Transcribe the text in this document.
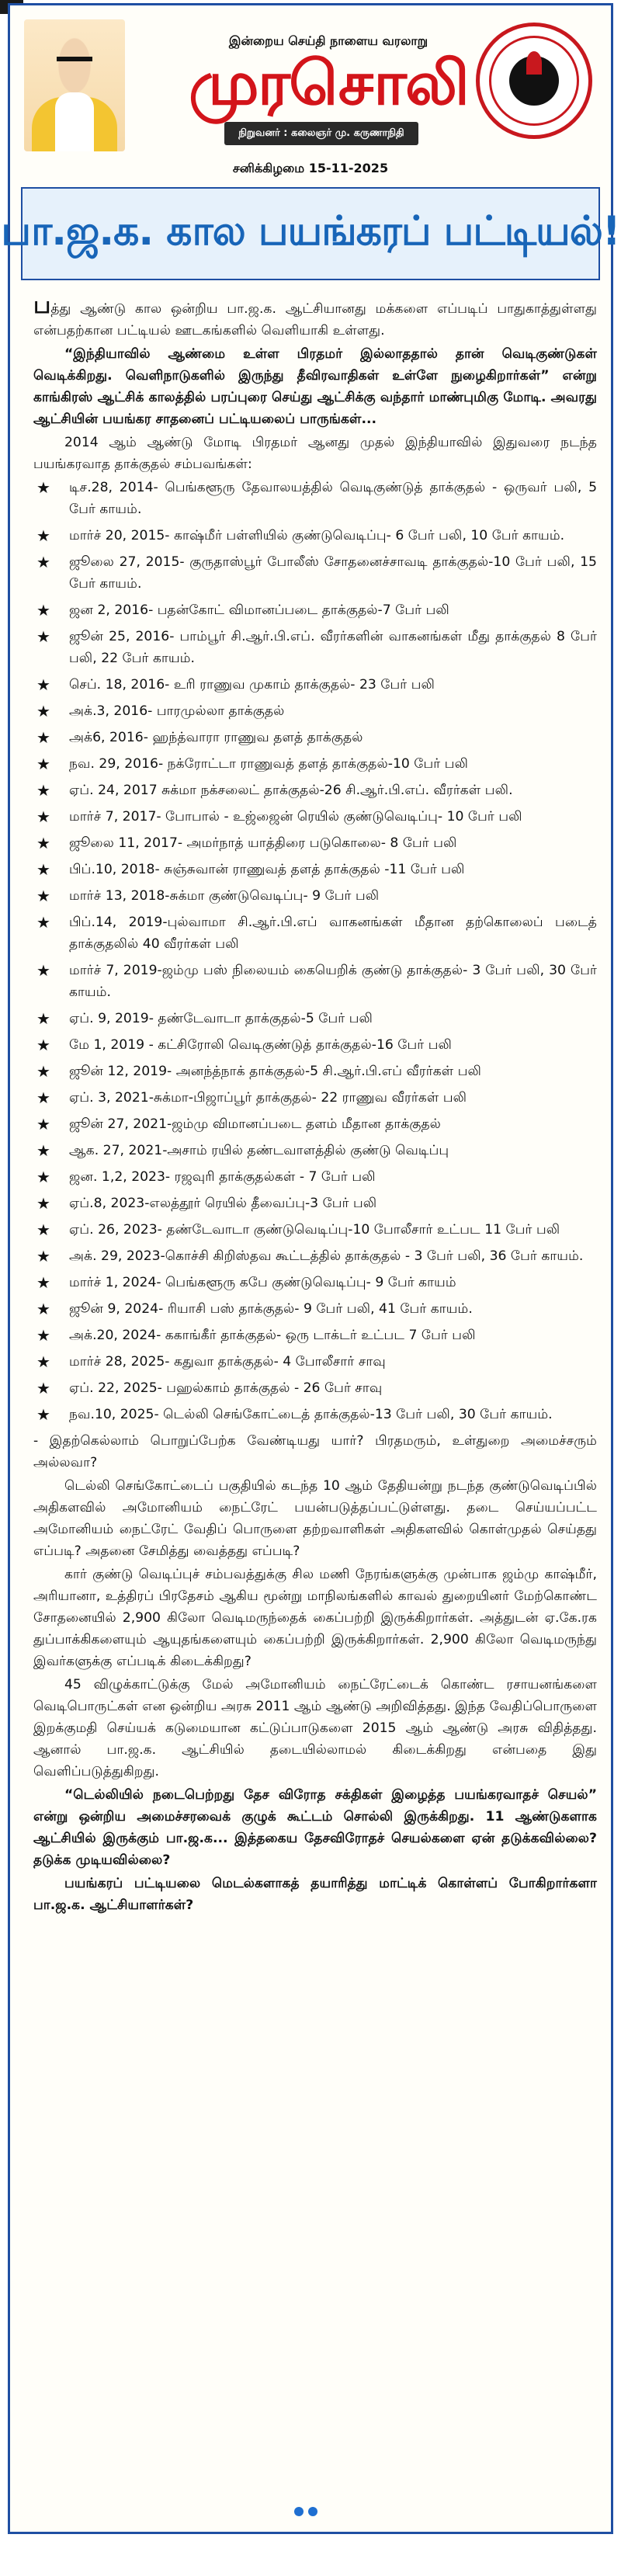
இன்றைய செய்தி நாளைய வரலாறு
முரசொலி
நிறுவனர் : கலைஞர் மு. கருணாநிதி
சனிக்கிழமை 15-11-2025
பா.ஜ.க. கால பயங்கரப் பட்டியல்!

பத்து ஆண்டு கால ஒன்றிய பா.ஜ.க. ஆட்சியானது மக்களை எப்படிப் பாதுகாத்துள்ளது என்பதற்கான பட்டியல் ஊடகங்களில் வெளியாகி உள்ளது.

“இந்தியாவில் ஆண்மை உள்ள பிரதமர் இல்லாததால் தான் வெடிகுண்டுகள் வெடிக்கிறது. வெளிநாடுகளில் இருந்து தீவிரவாதிகள் உள்ளே நுழைகிறார்கள்” என்று காங்கிரஸ் ஆட்சிக் காலத்தில் பரப்புரை செய்து ஆட்சிக்கு வந்தார் மாண்புமிகு மோடி. அவரது ஆட்சியின் பயங்கர சாதனைப் பட்டியலைப் பாருங்கள்...

2014 ஆம் ஆண்டு மோடி பிரதமர் ஆனது முதல் இந்தியாவில் இதுவரை நடந்த பயங்கரவாத தாக்குதல் சம்பவங்கள்:

★ டிச.28, 2014- பெங்களூரு தேவாலயத்தில் வெடிகுண்டுத் தாக்குதல் - ஒருவர் பலி, 5 பேர் காயம்.
★ மார்ச் 20, 2015- காஷ்மீர் பள்ளியில் குண்டுவெடிப்பு- 6 பேர் பலி, 10 பேர் காயம்.
★ ஜூலை 27, 2015- குருதாஸ்பூர் போலீஸ் சோதனைச்சாவடி தாக்குதல்-10 பேர் பலி, 15 பேர் காயம்.
★ ஜன 2, 2016- பதன்கோட் விமானப்படை தாக்குதல்-7 பேர் பலி
★ ஜூன் 25, 2016- பாம்பூர் சி.ஆர்.பி.எப். வீரர்களின் வாகனங்கள் மீது தாக்குதல் 8 பேர் பலி, 22 பேர் காயம்.
★ செப். 18, 2016- உரி ராணுவ முகாம் தாக்குதல்- 23 பேர் பலி
★ அக்.3, 2016- பாரமுல்லா தாக்குதல்
★ அக்6, 2016- ஹந்த்வாரா ராணுவ தளத் தாக்குதல்
★ நவ. 29, 2016- நக்ரோட்டா ராணுவத் தளத் தாக்குதல்-10 பேர் பலி
★ ஏப். 24, 2017 சுக்மா நக்சலைட் தாக்குதல்-26 சி.ஆர்.பி.எப். வீரர்கள் பலி.
★ மார்ச் 7, 2017- போபால் - உஜ்ஜைன் ரெயில் குண்டுவெடிப்பு- 10 பேர் பலி
★ ஜூலை 11, 2017- அமர்நாத் யாத்திரை படுகொலை- 8 பேர் பலி
★ பிப்.10, 2018- சுஞ்சுவான் ராணுவத் தளத் தாக்குதல் -11 பேர் பலி
★ மார்ச் 13, 2018-சுக்மா குண்டுவெடிப்பு- 9 பேர் பலி
★ பிப்.14, 2019-புல்வாமா சி.ஆர்.பி.எப் வாகனங்கள் மீதான தற்கொலைப் படைத் தாக்குதலில் 40 வீரர்கள் பலி
★ மார்ச் 7, 2019-ஜம்மு பஸ் நிலையம் கையெறிக் குண்டு தாக்குதல்- 3 பேர் பலி, 30 பேர் காயம்.
★ ஏப். 9, 2019- தண்டேவாடா தாக்குதல்-5 பேர் பலி
★ மே 1, 2019 - கட்சிரோலி வெடிகுண்டுத் தாக்குதல்-16 பேர் பலி
★ ஜூன் 12, 2019- அனந்த்நாக் தாக்குதல்-5 சி.ஆர்.பி.எப் வீரர்கள் பலி
★ ஏப். 3, 2021-சுக்மா-பிஜாப்பூர் தாக்குதல்- 22 ராணுவ வீரர்கள் பலி
★ ஜூன் 27, 2021-ஜம்மு விமானப்படை தளம் மீதான தாக்குதல்
★ ஆக. 27, 2021-அசாம் ரயில் தண்டவாளத்தில் குண்டு வெடிப்பு
★ ஜன. 1,2, 2023- ரஜவுரி தாக்குதல்கள் - 7 பேர் பலி
★ ஏப்.8, 2023-எலத்தூர் ரெயில் தீவைப்பு-3 பேர் பலி
★ ஏப். 26, 2023- தண்டேவாடா குண்டுவெடிப்பு-10 போலீசார் உட்பட 11 பேர் பலி
★ அக். 29, 2023-கொச்சி கிறிஸ்தவ கூட்டத்தில் தாக்குதல் - 3 பேர் பலி, 36 பேர் காயம்.
★ மார்ச் 1, 2024- பெங்களூரு கபே குண்டுவெடிப்பு- 9 பேர் காயம்
★ ஜூன் 9, 2024- ரியாசி பஸ் தாக்குதல்- 9 பேர் பலி, 41 பேர் காயம்.
★ அக்.20, 2024- ககாங்கீர் தாக்குதல்- ஒரு டாக்டர் உட்பட 7 பேர் பலி
★ மார்ச் 28, 2025- கதுவா தாக்குதல்- 4 போலீசார் சாவு
★ ஏப். 22, 2025- பஹல்காம் தாக்குதல் - 26 பேர் சாவு
★ நவ.10, 2025- டெல்லி செங்கோட்டைத் தாக்குதல்-13 பேர் பலி, 30 பேர் காயம்.

- இதற்கெல்லாம் பொறுப்பேற்க வேண்டியது யார்? பிரதமரும், உள்துறை அமைச்சரும் அல்லவா?

டெல்லி செங்கோட்டைப் பகுதியில் கடந்த 10 ஆம் தேதியன்று நடந்த குண்டுவெடிப்பில் அதிகளவில் அமோனியம் நைட்ரேட் பயன்படுத்தப்பட்டுள்ளது. தடை செய்யப்பட்ட அமோனியம் நைட்ரேட் வேதிப் பொருளை தற்றவாளிகள் அதிகளவில் கொள்முதல் செய்தது எப்படி? அதனை சேமித்து வைத்தது எப்படி?

கார் குண்டு வெடிப்புச் சம்பவத்துக்கு சில மணி நேரங்களுக்கு முன்பாக ஜம்மு காஷ்மீர், அரியானா, உத்திரப் பிரதேசம் ஆகிய மூன்று மாநிலங்களில் காவல் துறையினர் மேற்கொண்ட சோதனையில் 2,900 கிலோ வெடிமருந்தைக் கைப்பற்றி இருக்கிறார்கள். அத்துடன் ஏ.கே.ரக துப்பாக்கிகளையும் ஆயுதங்களையும் கைப்பற்றி இருக்கிறார்கள். 2,900 கிலோ வெடிமருந்து இவர்களுக்கு எப்படிக் கிடைக்கிறது?

45 விழுக்காட்டுக்கு மேல் அமோனியம் நைட்ரேட்டைக் கொண்ட ரசாயனங்களை வெடிபொருட்கள் என ஒன்றிய அரசு 2011 ஆம் ஆண்டு அறிவித்தது. இந்த வேதிப்பொருளை இறக்குமதி செய்யக் கடுமையான கட்டுப்பாடுகளை 2015 ஆம் ஆண்டு அரசு விதித்தது. ஆனால் பா.ஜ.க. ஆட்சியில் தடையில்லாமல் கிடைக்கிறது என்பதை இது வெளிப்படுத்துகிறது.

“டெல்லியில் நடைபெற்றது தேச விரோத சக்திகள் இழைத்த பயங்கரவாதச் செயல்” என்று ஒன்றிய அமைச்சரவைக் குழுக் கூட்டம் சொல்லி இருக்கிறது. 11 ஆண்டுகளாக ஆட்சியில் இருக்கும் பா.ஜ.க... இத்தகைய தேசவிரோதச் செயல்களை ஏன் தடுக்கவில்லை? தடுக்க முடியவில்லை?

பயங்கரப் பட்டியலை மெடல்களாகத் தயாரித்து மாட்டிக் கொள்ளப் போகிறார்களா பா.ஜ.க. ஆட்சியாளர்கள்?
